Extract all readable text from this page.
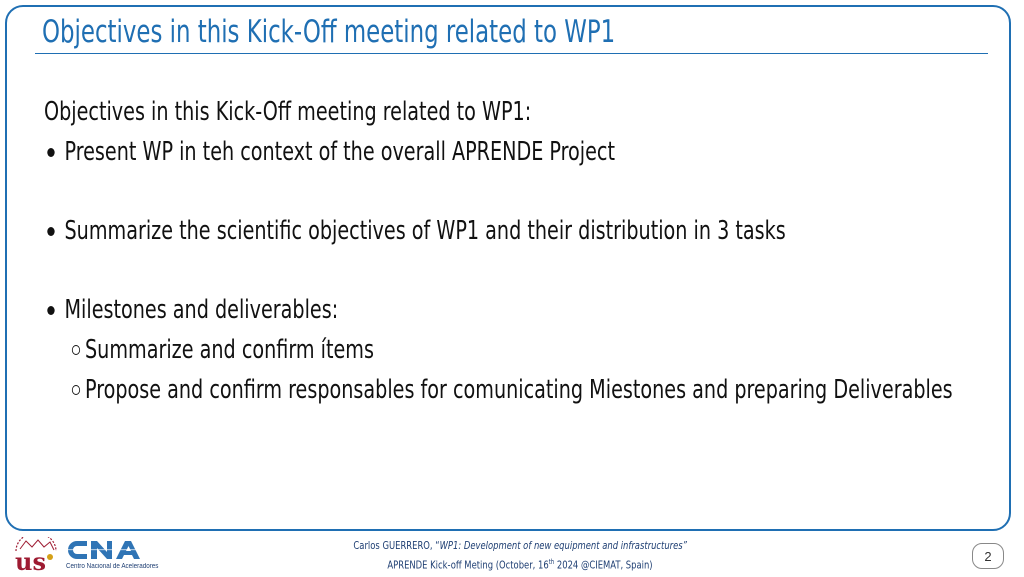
Objectives in this Kick-Off meeting related to WP1
Objectives in this Kick-Off meeting related to WP1:
Present WP in teh context of the overall APRENDE Project
Summarize the scientific objectives of WP1 and their distribution in 3 tasks
Milestones and deliverables:
Summarize and confirm ítems
Propose and confirm responsables for comunicating Miestones and preparing Deliverables
us	Centro Nacional de Aceleradores
Carlos GUERRERO, “WP1: Development of new equipment and infrastructures”
APRENDE Kick-off Meting (October, 16th 2024 @CIEMAT, Spain)
2
